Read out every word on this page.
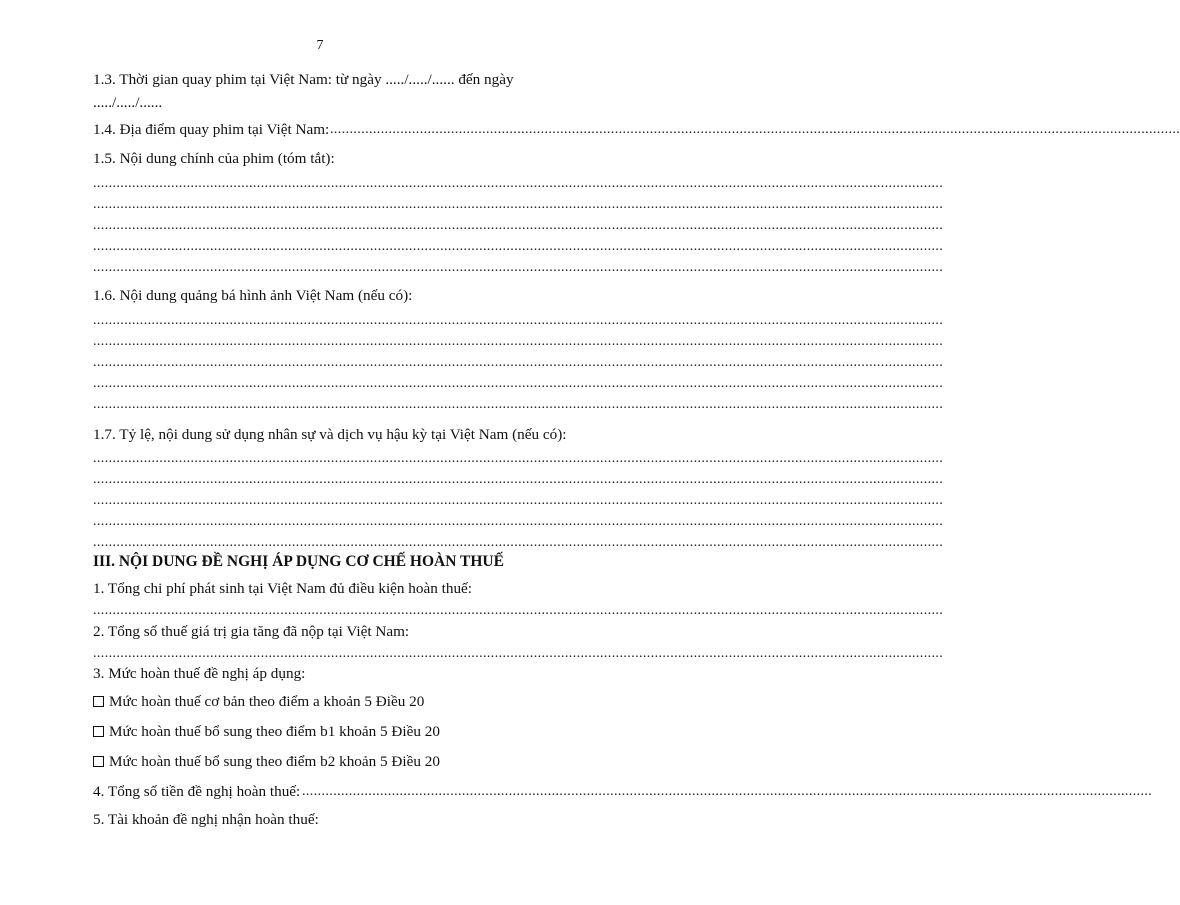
7
1.3. Thời gian quay phim tại Việt Nam: từ ngày ...../...../...... đến ngày
...../...../......
1.4. Địa điểm quay phim tại Việt Nam: ..........................................................................................................................................................................................................................
1.5. Nội dung chính của phim (tóm tắt):
..........................................................................................................................................................................................................................
..........................................................................................................................................................................................................................
..........................................................................................................................................................................................................................
..........................................................................................................................................................................................................................
..........................................................................................................................................................................................................................
1.6. Nội dung quảng bá hình ảnh Việt Nam (nếu có):
..........................................................................................................................................................................................................................
..........................................................................................................................................................................................................................
..........................................................................................................................................................................................................................
..........................................................................................................................................................................................................................
..........................................................................................................................................................................................................................
1.7. Tỷ lệ, nội dung sử dụng nhân sự và dịch vụ hậu kỳ tại Việt Nam (nếu có):
..........................................................................................................................................................................................................................
..........................................................................................................................................................................................................................
..........................................................................................................................................................................................................................
..........................................................................................................................................................................................................................
..........................................................................................................................................................................................................................
III. NỘI DUNG ĐỀ NGHỊ ÁP DỤNG CƠ CHẾ HOÀN THUẾ
1. Tổng chi phí phát sinh tại Việt Nam đủ điều kiện hoàn thuế:
..........................................................................................................................................................................................................................
2. Tổng số thuế giá trị gia tăng đã nộp tại Việt Nam:
..........................................................................................................................................................................................................................
3. Mức hoàn thuế đề nghị áp dụng:
Mức hoàn thuế cơ bản theo điểm a khoản 5 Điều 20
Mức hoàn thuế bổ sung theo điểm b1 khoản 5 Điều 20
Mức hoàn thuế bổ sung theo điểm b2 khoản 5 Điều 20
4. Tổng số tiền đề nghị hoàn thuế: ..........................................................................................................................................................................................................................
5. Tài khoản đề nghị nhận hoàn thuế:
